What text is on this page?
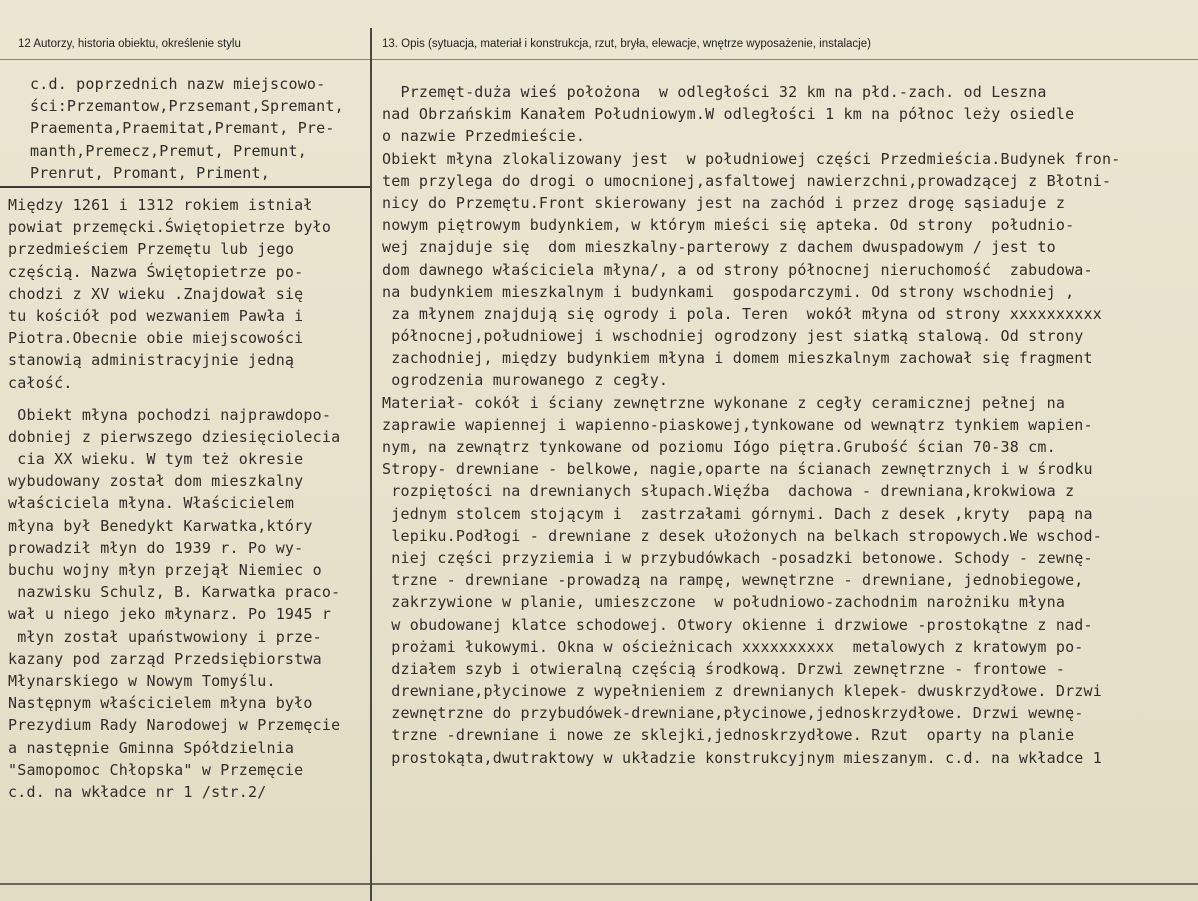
12 Autorzy, historia obiektu, określenie stylu	13. Opis (sytuacja, materiał i konstrukcja, rzut, bryła, elewacje, wnętrze wyposażenie, instalacje)
c.d. poprzednich nazw miejscowo-
ści:Przemantow,Przsemant,Spremant,
Praementa,Praemitat,Premant, Pre-
manth,Premecz,Premut, Premunt,
Prenrut, Promant, Priment,
Między 1261 i 1312 rokiem istniał
powiat przemęcki.Świętopietrze było
przedmieściem Przemętu lub jego
częścią. Nazwa Świętopietrze po-
chodzi z XV wieku .Znajdował się
tu kościół pod wezwaniem Pawła i
Piotra.Obecnie obie miejscowości
stanowią administracyjnie jedną
całość.
Obiekt młyna pochodzi najprawdopo-
dobniej z pierwszego dziesięciolecia
cia XX wieku. W tym też okresie
wybudowany został dom mieszkalny
właściciela młyna. Właścicielem
młyna był Benedykt Karwatka,który
prowadził młyn do 1939 r. Po wy-
buchu wojny młyn przejął Niemiec o
nazwisku Schulz, B. Karwatka praco-
wał u niego jeko młynarz. Po 1945 r
młyn został upaństwowiony i prze-
kazany pod zarząd Przedsiębiorstwa
Młynarskiego w Nowym Tomyślu.
Następnym właścicielem młyna było
Prezydium Rady Narodowej w Przemęcie
a następnie Gminna Spółdzielnia
"Samopomoc Chłopska" w Przemęcie
c.d. na wkładce nr 1 /str.2/
Przemęt-duża wieś położona  w odległości 32 km na płd.-zach. od Leszna
nad Obrzańskim Kanałem Południowym.W odległości 1 km na północ leży osiedle
o nazwie Przedmieście.
Obiekt młyna zlokalizowany jest  w południowej części Przedmieścia.Budynek fron-
tem przylega do drogi o umocnionej,asfaltowej nawierzchni,prowadzącej z Błotni-
nicy do Przemętu.Front skierowany jest na zachód i przez drogę sąsiaduje z
nowym piętrowym budynkiem, w którym mieści się apteka. Od strony  południo-
wej znajduje się  dom mieszkalny-parterowy z dachem dwuspadowym / jest to
dom dawnego właściciela młyna/, a od strony północnej nieruchomość  zabudowa-
na budynkiem mieszkalnym i budynkami  gospodarczymi. Od strony wschodniej ,
za młynem znajdują się ogrody i pola. Teren  wokół młyna od strony xxxxxxxxxx
północnej,południowej i wschodniej ogrodzony jest siatką stalową. Od strony
zachodniej, między budynkiem młyna i domem mieszkalnym zachował się fragment
ogrodzenia murowanego z cegły.
Materiał- cokół i ściany zewnętrzne wykonane z cegły ceramicznej pełnej na
zaprawie wapiennej i wapienno-piaskowej,tynkowane od wewnątrz tynkiem wapien-
nym, na zewnątrz tynkowane od poziomu Iógo piętra.Grubość ścian 70-38 cm.
Stropy- drewniane - belkowe, nagie,oparte na ścianach zewnętrznych i w środku
rozpiętości na drewnianych słupach.Więźba  dachowa - drewniana,krokwiowa z
jednym stolcem stojącym i  zastrzałami górnymi. Dach z desek ,kryty  papą na
lepiku.Podłogi - drewniane z desek ułożonych na belkach stropowych.We wschod-
niej części przyziemia i w przybudówkach -posadzki betonowe. Schody - zewnę-
trzne - drewniane -prowadzą na rampę, wewnętrzne - drewniane, jednobiegowe,
zakrzywione w planie, umieszczone  w południowo-zachodnim narożniku młyna
w obudowanej klatce schodowej. Otwory okienne i drzwiowe -prostokątne z nad-
prożami łukowymi. Okna w ościeżnicach xxxxxxxxxx  metalowych z kratowym po-
działem szyb i otwieralną częścią środkową. Drzwi zewnętrzne - frontowe -
drewniane,płycinowe z wypełnieniem z drewnianych klepek- dwuskrzydłowe. Drzwi
zewnętrzne do przybudówek-drewniane,płycinowe,jednoskrzydłowe. Drzwi wewnę-
trzne -drewniane i nowe ze sklejki,jednoskrzydłowe. Rzut  oparty na planie
prostokąta,dwutraktowy w układzie konstrukcyjnym mieszanym. c.d. na wkładce 1
